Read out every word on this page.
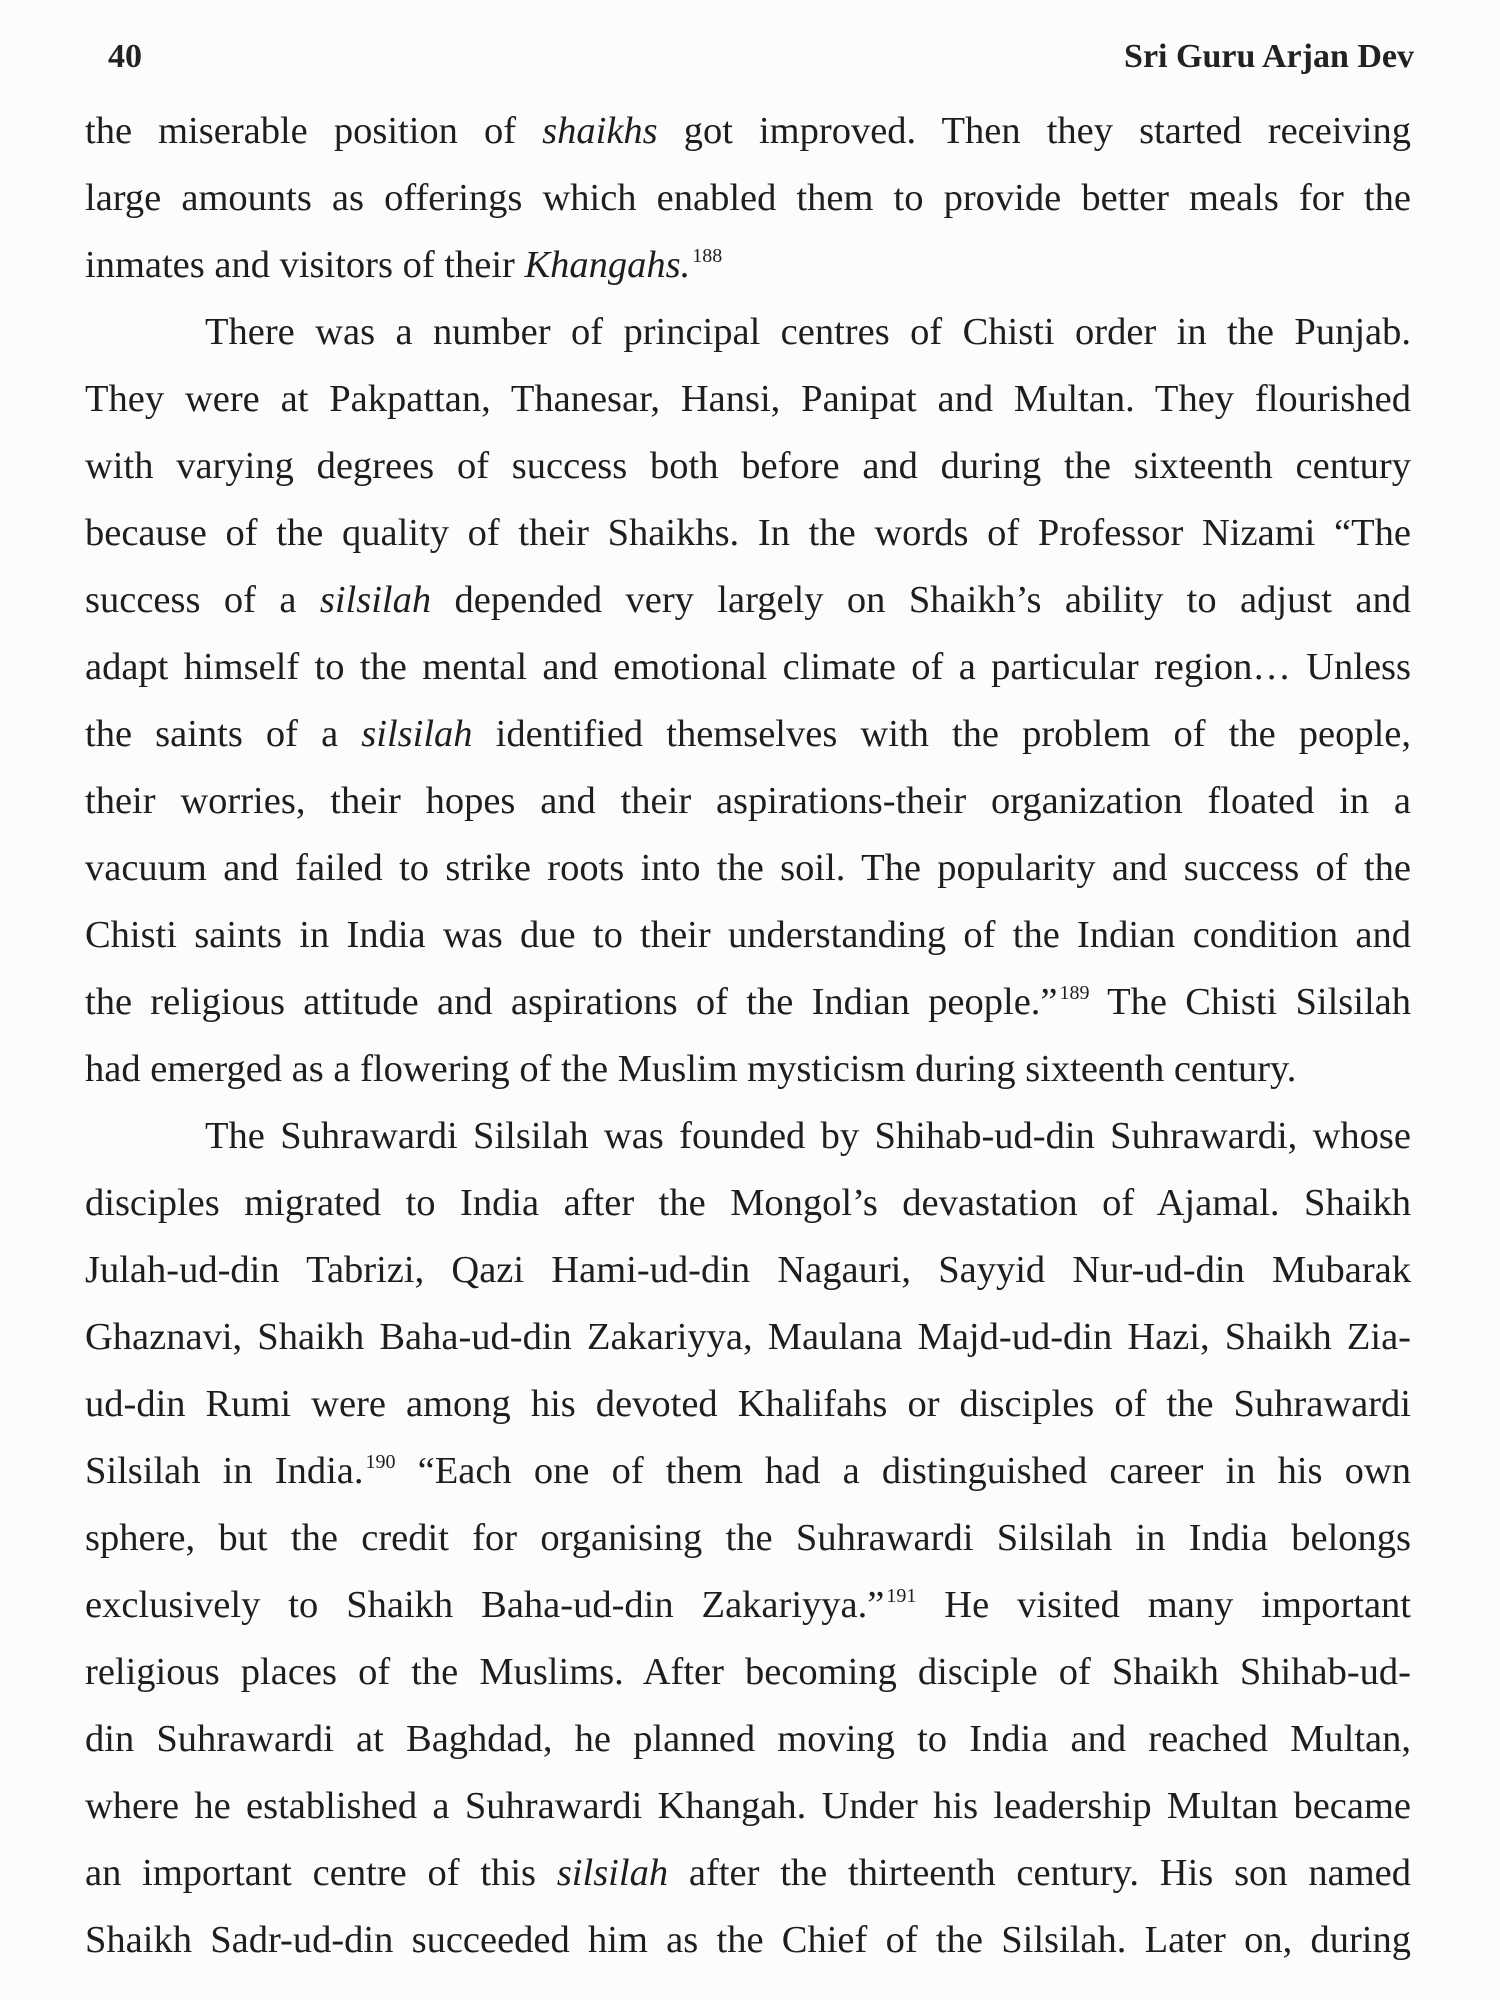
40	Sri Guru Arjan Dev
the miserable position of shaikhs got improved. Then they started receiving
large amounts as offerings which enabled them to provide better meals for the
inmates and visitors of their Khangahs. $^{188}$
There was a number of principal centres of Chisti order in the Punjab.
They were at Pakpattan, Thanesar, Hansi, Panipat and Multan. They flourished
with varying degrees of success both before and during the sixteenth century
because of the quality of their Shaikhs. In the words of Professor Nizami “The
success of a silsilah depended very largely on Shaikh’s ability to adjust and
adapt himself to the mental and emotional climate of a particular region… Unless
the saints of a silsilah identified themselves with the problem of the people,
their worries, their hopes and their aspirations-their organization floated in a
vacuum and failed to strike roots into the soil. The popularity and success of the
Chisti saints in India was due to their understanding of the Indian condition and
the religious attitude and aspirations of the Indian people.” $^{189}$ The Chisti Silsilah
had emerged as a flowering of the Muslim mysticism during sixteenth century.
The Suhrawardi Silsilah was founded by Shihab-ud-din Suhrawardi, whose
disciples migrated to India after the Mongol’s devastation of Ajamal. Shaikh
Julah-ud-din Tabrizi, Qazi Hami-ud-din Nagauri, Sayyid Nur-ud-din Mubarak
Ghaznavi, Shaikh Baha-ud-din Zakariyya, Maulana Majd-ud-din Hazi, Shaikh Zia-
ud-din Rumi were among his devoted Khalifahs or disciples of the Suhrawardi
Silsilah in India. $^{190}$ “Each one of them had a distinguished career in his own
sphere, but the credit for organising the Suhrawardi Silsilah in India belongs
exclusively to Shaikh Baha-ud-din Zakariyya.” $^{191}$ He visited many important
religious places of the Muslims. After becoming disciple of Shaikh Shihab-ud-
din Suhrawardi at Baghdad, he planned moving to India and reached Multan,
where he established a Suhrawardi Khangah. Under his leadership Multan became
an important centre of this silsilah after the thirteenth century. His son named
Shaikh Sadr-ud-din succeeded him as the Chief of the Silsilah. Later on, during
